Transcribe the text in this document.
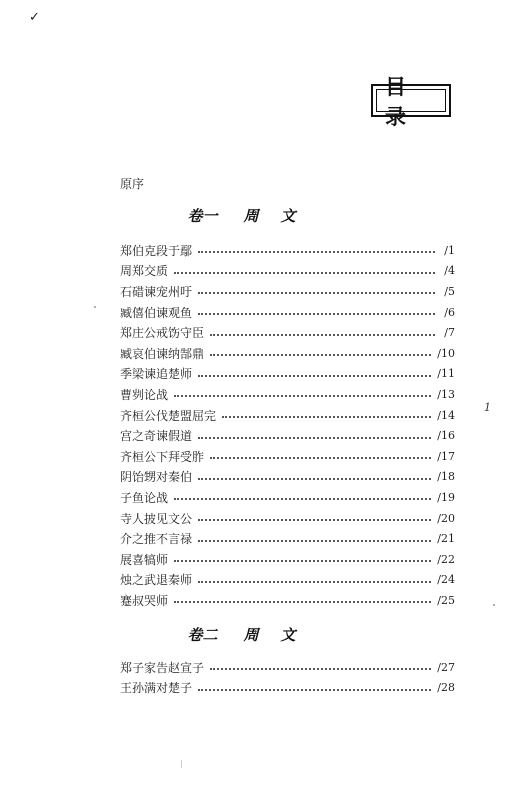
✓
目录
原序
卷一 周文
郑伯克段于鄢	/1
周郑交质	/4
石碏谏宠州吁	/5
臧僖伯谏观鱼	/6
郑庄公戒饬守臣	/7
臧哀伯谏纳郜鼎	/10
季梁谏追楚师	/11
曹刿论战	/13
齐桓公伐楚盟屈完	/14
宫之奇谏假道	/16
齐桓公下拜受胙	/17
阴饴甥对秦伯	/18
子鱼论战	/19
寺人披见文公	/20
介之推不言禄	/21
展喜犒师	/22
烛之武退秦师	/24
蹇叔哭师	/25
卷二 周文
郑子家告赵宣子	/27
王孙满对楚子	/28
1
